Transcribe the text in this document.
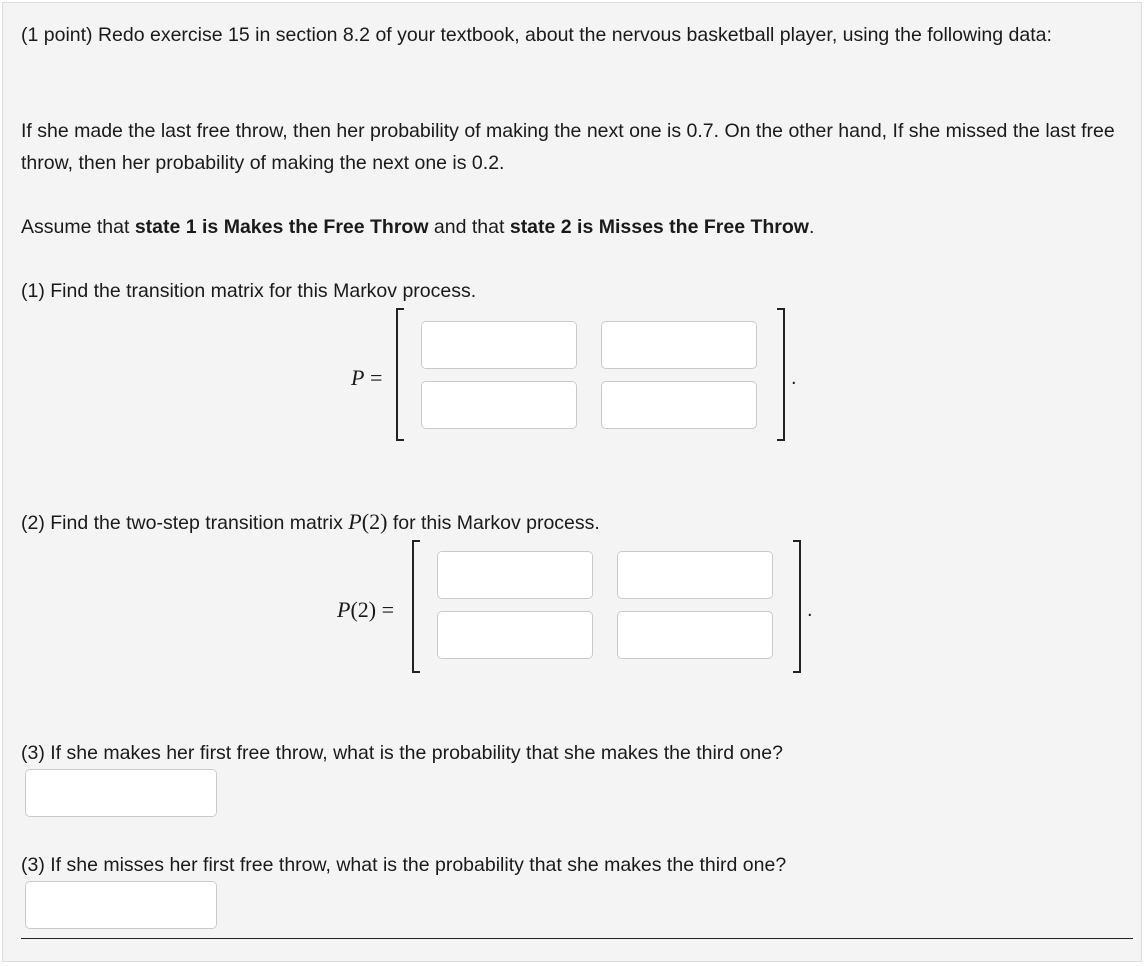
(1 point) Redo exercise 15 in section 8.2 of your textbook, about the nervous basketball player, using the following data:

If she made the last free throw, then her probability of making the next one is 0.7. On the other hand, If she missed the last free throw, then her probability of making the next one is 0.2.

Assume that state 1 is Makes the Free Throw and that state 2 is Misses the Free Throw.

(1) Find the transition matrix for this Markov process.

P =	.

(2) Find the two-step transition matrix P(2) for this Markov process.

P(2) =	.

(3) If she makes her first free throw, what is the probability that she makes the third one?

(3) If she misses her first free throw, what is the probability that she makes the third one?
